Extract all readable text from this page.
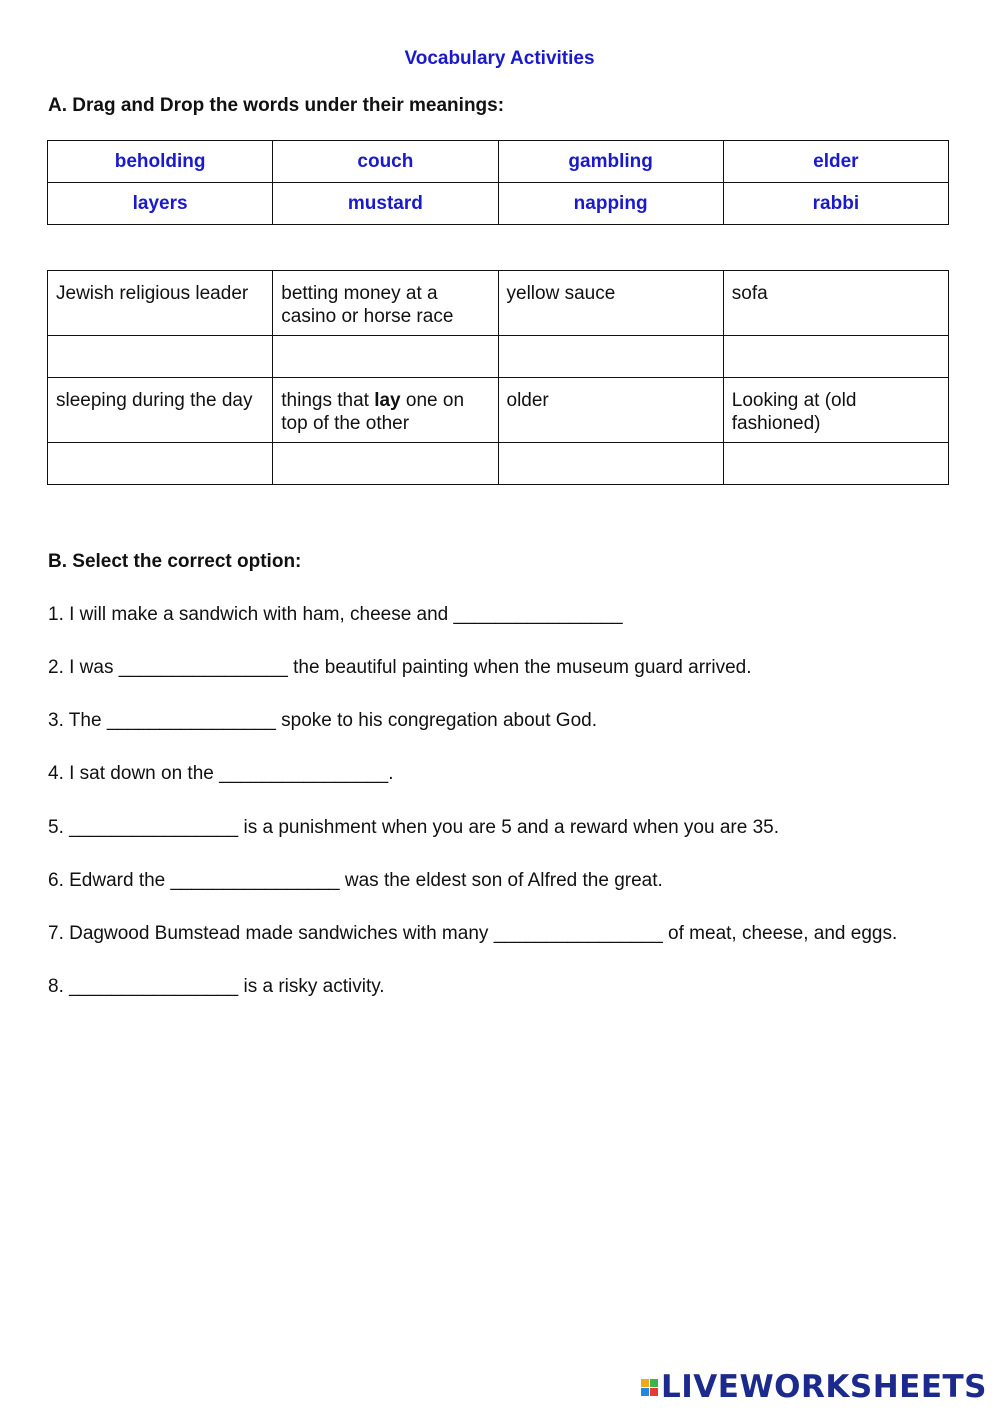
Vocabulary Activities
A. Drag and Drop the words under their meanings:
beholding	couch	gambling	elder
layers	mustard	napping	rabbi
Jewish religious leader	betting money at a casino or horse race	yellow sauce	sofa

sleeping during the day	things that lay one on top of the other	older	Looking at (old fashioned)

B. Select the correct option:
1. I will make a sandwich with ham, cheese and ________________
2. I was ________________ the beautiful painting when the museum guard arrived.
3. The ________________ spoke to his congregation about God.
4. I sat down on the ________________.
5. ________________ is a punishment when you are 5 and a reward when you are 35.
6. Edward the ________________ was the eldest son of Alfred the great.
7. Dagwood Bumstead made sandwiches with many ________________ of meat, cheese, and eggs.
8. ________________ is a risky activity.
LIVEWORKSHEETS
